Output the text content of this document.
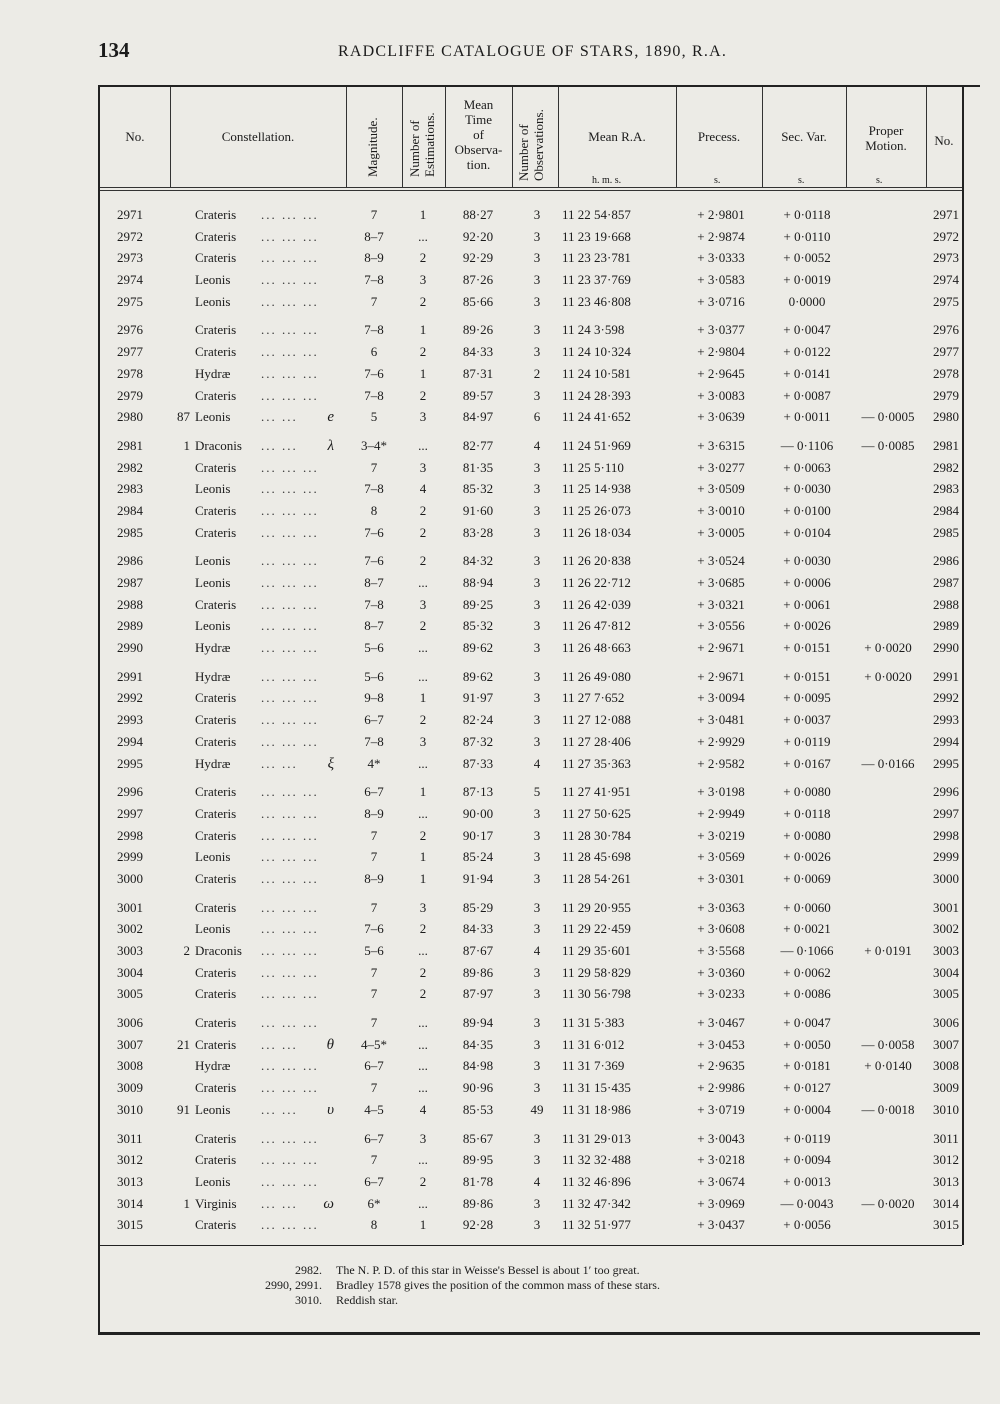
134	RADCLIFFE CATALOGUE OF STARS, 1890, R.A.
No.	Constellation.	Magnitude. Number of Estimations.
Mean
Time
of
Observa-
tion.	Number of Observations.	Mean R.A.	Precess.	Sec. Var.	Proper
Motion.	No.
h. m. s.	s.	s.	s.
2971	Crateris ... ... ...	7	1	88·27	3	11 22 54·857	+ 2·9801	+ 0·0118	2971
2972	Crateris ... ... ...	8–7	...	92·20	3	11 23 19·668	+ 2·9874	+ 0·0110	2972
2973	Crateris ... ... ...	8–9	2	92·29	3	11 23 23·781	+ 3·0333	+ 0·0052	2973
2974	Leonis ... ... ...	7–8	3	87·26	3	11 23 37·769	+ 3·0583	+ 0·0019	2974
2975	Leonis ... ... ...	7	2	85·66	3	11 23 46·808	+ 3·0716	0·0000	2975
2976	Crateris ... ... ...	7–8	1	89·26	3	11 24 3·598	+ 3·0377	+ 0·0047	2976
2977	Crateris ... ... ...	6	2	84·33	3	11 24 10·324	+ 2·9804	+ 0·0122	2977
2978	Hydræ ... ... ...	7–6	1	87·31	2	11 24 10·581	+ 2·9645	+ 0·0141	2978
2979	Crateris ... ... ...	7–8	2	89·57	3	11 24 28·393	+ 3·0083	+ 0·0087	2979
2980	87 Leonis ... ...	e	5	3	84·97	6	11 24 41·652	+ 3·0639	+ 0·0011	— 0·0005	2980
2981	1 Draconis ... ...	λ	3–4*	...	82·77	4	11 24 51·969	+ 3·6315	— 0·1106	— 0·0085	2981
2982	Crateris ... ... ...	7	3	81·35	3	11 25 5·110	+ 3·0277	+ 0·0063	2982
2983	Leonis ... ... ...	7–8	4	85·32	3	11 25 14·938	+ 3·0509	+ 0·0030	2983
2984	Crateris ... ... ...	8	2	91·60	3	11 25 26·073	+ 3·0010	+ 0·0100	2984
2985	Crateris ... ... ...	7–6	2	83·28	3	11 26 18·034	+ 3·0005	+ 0·0104	2985
2986	Leonis ... ... ...	7–6	2	84·32	3	11 26 20·838	+ 3·0524	+ 0·0030	2986
2987	Leonis ... ... ...	8–7	...	88·94	3	11 26 22·712	+ 3·0685	+ 0·0006	2987
2988	Crateris ... ... ...	7–8	3	89·25	3	11 26 42·039	+ 3·0321	+ 0·0061	2988
2989	Leonis ... ... ...	8–7	2	85·32	3	11 26 47·812	+ 3·0556	+ 0·0026	2989
2990	Hydræ ... ... ...	5–6	...	89·62	3	11 26 48·663	+ 2·9671	+ 0·0151	+ 0·0020	2990
2991	Hydræ ... ... ...	5–6	...	89·62	3	11 26 49·080	+ 2·9671	+ 0·0151	+ 0·0020	2991
2992	Crateris ... ... ...	9–8	1	91·97	3	11 27 7·652	+ 3·0094	+ 0·0095	2992
2993	Crateris ... ... ...	6–7	2	82·24	3	11 27 12·088	+ 3·0481	+ 0·0037	2993
2994	Crateris ... ... ...	7–8	3	87·32	3	11 27 28·406	+ 2·9929	+ 0·0119	2994
2995	Hydræ ... ...	ξ	4*	...	87·33	4	11 27 35·363	+ 2·9582	+ 0·0167	— 0·0166	2995
2996	Crateris ... ... ...	6–7	1	87·13	5	11 27 41·951	+ 3·0198	+ 0·0080	2996
2997	Crateris ... ... ...	8–9	...	90·00	3	11 27 50·625	+ 2·9949	+ 0·0118	2997
2998	Crateris ... ... ...	7	2	90·17	3	11 28 30·784	+ 3·0219	+ 0·0080	2998
2999	Leonis ... ... ...	7	1	85·24	3	11 28 45·698	+ 3·0569	+ 0·0026	2999
3000	Crateris ... ... ...	8–9	1	91·94	3	11 28 54·261	+ 3·0301	+ 0·0069	3000
3001	Crateris ... ... ...	7	3	85·29	3	11 29 20·955	+ 3·0363	+ 0·0060	3001
3002	Leonis ... ... ...	7–6	2	84·33	3	11 29 22·459	+ 3·0608	+ 0·0021	3002
3003	2 Draconis ... ... ...	5–6	...	87·67	4	11 29 35·601	+ 3·5568	— 0·1066	+ 0·0191	3003
3004	Crateris ... ... ...	7	2	89·86	3	11 29 58·829	+ 3·0360	+ 0·0062	3004
3005	Crateris ... ... ...	7	2	87·97	3	11 30 56·798	+ 3·0233	+ 0·0086	3005
3006	Crateris ... ... ...	7	...	89·94	3	11 31 5·383	+ 3·0467	+ 0·0047	3006
3007	21 Crateris ... ...	θ	4–5*	...	84·35	3	11 31 6·012	+ 3·0453	+ 0·0050	— 0·0058	3007
3008	Hydræ ... ... ...	6–7	...	84·98	3	11 31 7·369	+ 2·9635	+ 0·0181	+ 0·0140	3008
3009	Crateris ... ... ...	7	...	90·96	3	11 31 15·435	+ 2·9986	+ 0·0127	3009
3010	91 Leonis ... ...	υ	4–5	4	85·53	49	11 31 18·986	+ 3·0719	+ 0·0004	— 0·0018	3010
3011	Crateris ... ... ...	6–7	3	85·67	3	11 31 29·013	+ 3·0043	+ 0·0119	3011
3012	Crateris ... ... ...	7	...	89·95	3	11 32 32·488	+ 3·0218	+ 0·0094	3012
3013	Leonis ... ... ...	6–7	2	81·78	4	11 32 46·896	+ 3·0674	+ 0·0013	3013
3014	1 Virginis ... ...	ω	6*	...	89·86	3	11 32 47·342	+ 3·0969	— 0·0043	— 0·0020	3014
3015	Crateris ... ... ...	8	1	92·28	3	11 32 51·977	+ 3·0437	+ 0·0056	3015
2982. The N. P. D. of this star in Weisse's Bessel is about 1′ too great.
2990, 2991. Bradley 1578 gives the position of the common mass of these stars.
3010. Reddish star.
